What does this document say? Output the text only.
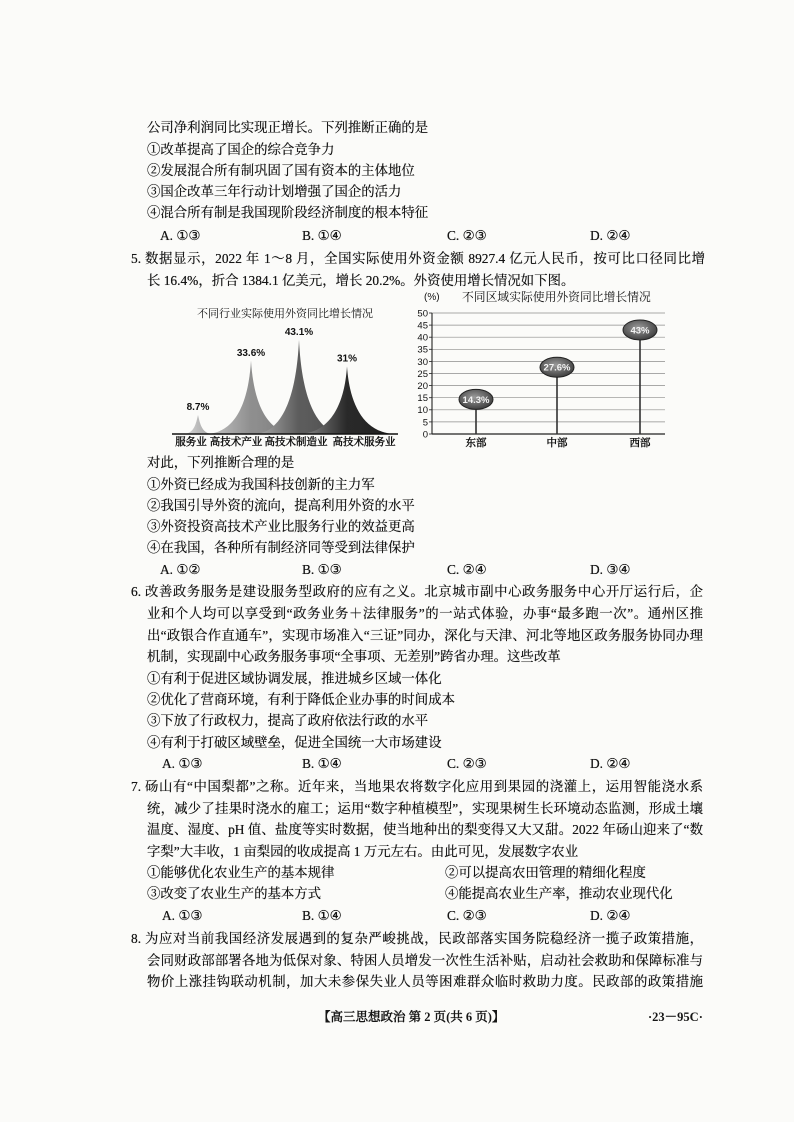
公司净利润同比实现正增长。下列推断正确的是
①改革提高了国企的综合竞争力
②发展混合所有制巩固了国有资本的主体地位
③国企改革三年行动计划增强了国企的活力
④混合所有制是我国现阶段经济制度的根本特征
A. ①③	B. ①④	C. ②③	D. ②④
5. 数据显示，2022 年 1～8 月，全国实际使用外资金额 8927.4 亿元人民币，按可比口径同比增
长 16.4%，折合 1384.1 亿美元，增长 20.2%。外资使用增长情况如下图。
不同行业实际使用外资同比增长情况
8.7%
服务业
33.6%
高技术产业
43.1%
高技术制造业
31%
高技术服务业
(%) 不同区域实际使用外资同比增长情况
0
5
10
15
20
25
30
35
40
45
50
14.3%
东部
27.6%
中部
43%
西部
对此，下列推断合理的是
①外资已经成为我国科技创新的主力军
②我国引导外资的流向，提高利用外资的水平
③外资投资高技术产业比服务行业的效益更高
④在我国，各种所有制经济同等受到法律保护
A. ①②	B. ①③	C. ②④	D. ③④
6. 改善政务服务是建设服务型政府的应有之义。北京城市副中心政务服务中心开厅运行后，企
业和个人均可以享受到“政务业务＋法律服务”的一站式体验，办事“最多跑一次”。通州区推
出“政银合作直通车”，实现市场准入“三证”同办，深化与天津、河北等地区政务服务协同办理
机制，实现副中心政务服务事项“全事项、无差别”跨省办理。这些改革
①有利于促进区域协调发展，推进城乡区域一体化
②优化了营商环境，有利于降低企业办事的时间成本
③下放了行政权力，提高了政府依法行政的水平
④有利于打破区域壁垒，促进全国统一大市场建设
A. ①③	B. ①④	C. ②③	D. ②④
7. 砀山有“中国梨都”之称。近年来，当地果农将数字化应用到果园的浇灌上，运用智能浇水系
统，减少了挂果时浇水的雇工；运用“数字种植模型”，实现果树生长环境动态监测，形成土壤
温度、湿度、pH 值、盐度等实时数据，使当地种出的梨变得又大又甜。2022 年砀山迎来了“数
字梨”大丰收，1 亩梨园的收成提高 1 万元左右。由此可见，发展数字农业
①能够优化农业生产的基本规律	②可以提高农田管理的精细化程度
③改变了农业生产的基本方式	④能提高农业生产率，推动农业现代化
A. ①③	B. ①④	C. ②③	D. ②④
8. 为应对当前我国经济发展遇到的复杂严峻挑战，民政部落实国务院稳经济一揽子政策措施，
会同财政部部署各地为低保对象、特困人员增发一次性生活补贴，启动社会救助和保障标准与
物价上涨挂钩联动机制，加大未参保失业人员等困难群众临时救助力度。民政部的政策措施
【高三思想政治 第 2 页(共 6 页)】	·23－95C·
